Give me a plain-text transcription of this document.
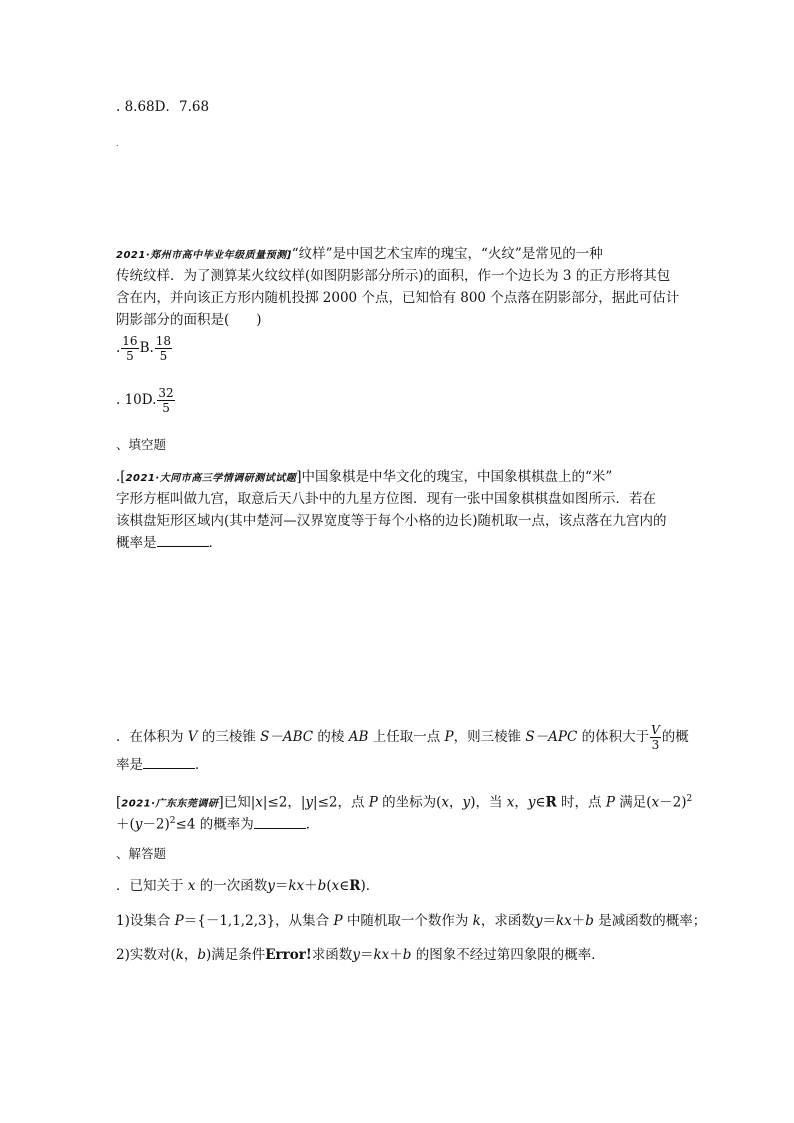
. 8.68D．7.68
.
2021·郑州市高中毕业年级质量预测]“纹样”是中国艺术宝库的瑰宝，“火纹”是常见的一种
传统纹样．为了测算某火纹纹样(如图阴影部分所示)的面积，作一个边长为 3 的正方形将其包
含在内，并向该正方形内随机投掷 2000 个点，已知恰有 800 个点落在阴影部分，据此可估计
阴影部分的面积是(　　)
. $\frac{16}{5} B$. $\frac{18}{5}$
. 10D. $\frac{32}{5}$
、填空题
.[2021·大同市高三学情调研测试试题]中国象棋是中华文化的瑰宝，中国象棋棋盘上的“米”
字形方框叫做九宫，取意后天八卦中的九星方位图．现有一张中国象棋棋盘如图所示．若在
该棋盘矩形区域内(其中楚河—汉界宽度等于每个小格的边长)随机取一点，该点落在九宫内的
概率是	．
．在体积为 V 的三棱锥 S－ABC 的棱 AB 上任取一点 P，则三棱锥 S－APC 的体积大于 $\frac{V}{3}$ 的概
率是	．
[2021·广东东莞调研]已知|x|≤2，|y|≤2，点 P 的坐标为(x，y)，当 x，y∈R 时，点 P 满足$(x-2)^2$
$+(y-2)^2\le 4$ 的概率为	．
、解答题
．已知关于 x 的一次函数y＝kx＋b(x∈R)．
1)设集合 P＝{－1,1,2,3}，从集合 P 中随机取一个数作为 k，求函数y＝kx＋b 是减函数的概率；
2)实数对(k，b)满足条件Error!求函数y＝kx＋b 的图象不经过第四象限的概率．
